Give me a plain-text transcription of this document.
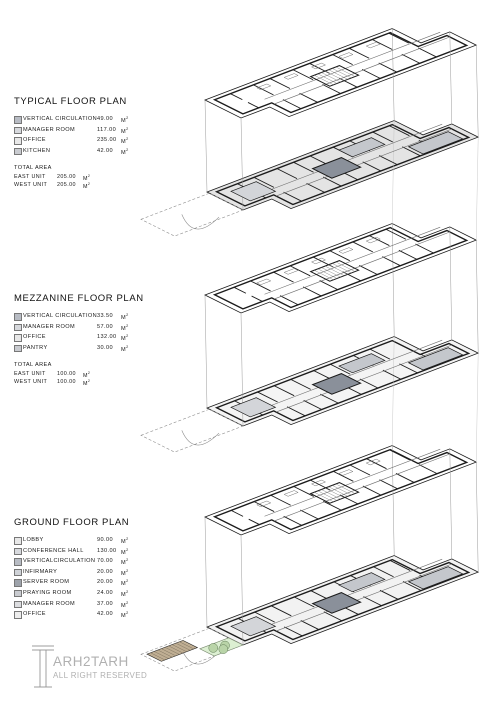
TYPICAL FLOOR PLAN
VERTICAL CIRCULATION 49.00 $M^2$
MANAGER ROOM	117.00 $M^2$
OFFICE	235.00 $M^2$
KITCHEN	42.00 $M^2$
TOTAL AREA
EAST UNIT 205.00 $M^2$
WEST UNIT 205.00 $M^2$
MEZZANINE FLOOR PLAN
VERTICAL CIRCULATION 33.50 $M^2$
MANAGER ROOM	57.00 $M^2$
OFFICE	132.00 $M^2$
PANTRY	30.00 $M^2$
TOTAL AREA
EAST UNIT 100.00 $M^2$
WEST UNIT 100.00 $M^2$
GROUND FLOOR PLAN
LOBBY	90.00 $M^2$
CONFERENCE HALL 130.00 $M^2$
VERTICALCIRCULATION 70.00 $M^2$
INFIRMARY	20.00 $M^2$
SERVER ROOM	20.00 $M^2$
PRAYING ROOM	24.00 $M^2$
MANAGER ROOM	37.00 $M^2$
OFFICE	42.00 $M^2$
ARH2TARH
ALL RIGHT RESERVED
